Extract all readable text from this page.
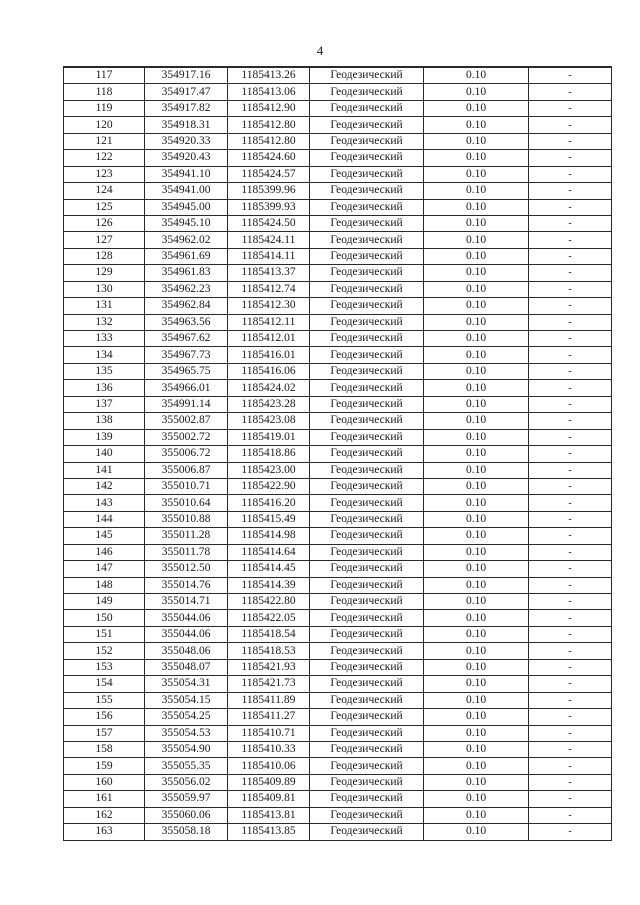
4
117	354917.16	1185413.26	Геодезический	0.10	-
118	354917.47	1185413.06	Геодезический	0.10	-
119	354917.82	1185412.90	Геодезический	0.10	-
120	354918.31	1185412.80	Геодезический	0.10	-
121	354920.33	1185412.80	Геодезический	0.10	-
122	354920.43	1185424.60	Геодезический	0.10	-
123	354941.10	1185424.57	Геодезический	0.10	-
124	354941.00	1185399.96	Геодезический	0.10	-
125	354945.00	1185399.93	Геодезический	0.10	-
126	354945.10	1185424.50	Геодезический	0.10	-
127	354962.02	1185424.11	Геодезический	0.10	-
128	354961.69	1185414.11	Геодезический	0.10	-
129	354961.83	1185413.37	Геодезический	0.10	-
130	354962.23	1185412.74	Геодезический	0.10	-
131	354962.84	1185412.30	Геодезический	0.10	-
132	354963.56	1185412.11	Геодезический	0.10	-
133	354967.62	1185412.01	Геодезический	0.10	-
134	354967.73	1185416.01	Геодезический	0.10	-
135	354965.75	1185416.06	Геодезический	0.10	-
136	354966.01	1185424.02	Геодезический	0.10	-
137	354991.14	1185423.28	Геодезический	0.10	-
138	355002.87	1185423.08	Геодезический	0.10	-
139	355002.72	1185419.01	Геодезический	0.10	-
140	355006.72	1185418.86	Геодезический	0.10	-
141	355006.87	1185423.00	Геодезический	0.10	-
142	355010.71	1185422.90	Геодезический	0.10	-
143	355010.64	1185416.20	Геодезический	0.10	-
144	355010.88	1185415.49	Геодезический	0.10	-
145	355011.28	1185414.98	Геодезический	0.10	-
146	355011.78	1185414.64	Геодезический	0.10	-
147	355012.50	1185414.45	Геодезический	0.10	-
148	355014.76	1185414.39	Геодезический	0.10	-
149	355014.71	1185422.80	Геодезический	0.10	-
150	355044.06	1185422.05	Геодезический	0.10	-
151	355044.06	1185418.54	Геодезический	0.10	-
152	355048.06	1185418.53	Геодезический	0.10	-
153	355048.07	1185421.93	Геодезический	0.10	-
154	355054.31	1185421.73	Геодезический	0.10	-
155	355054.15	1185411.89	Геодезический	0.10	-
156	355054.25	1185411.27	Геодезический	0.10	-
157	355054.53	1185410.71	Геодезический	0.10	-
158	355054.90	1185410.33	Геодезический	0.10	-
159	355055.35	1185410.06	Геодезический	0.10	-
160	355056.02	1185409.89	Геодезический	0.10	-
161	355059.97	1185409.81	Геодезический	0.10	-
162	355060.06	1185413.81	Геодезический	0.10	-
163	355058.18	1185413.85	Геодезический	0.10	-
